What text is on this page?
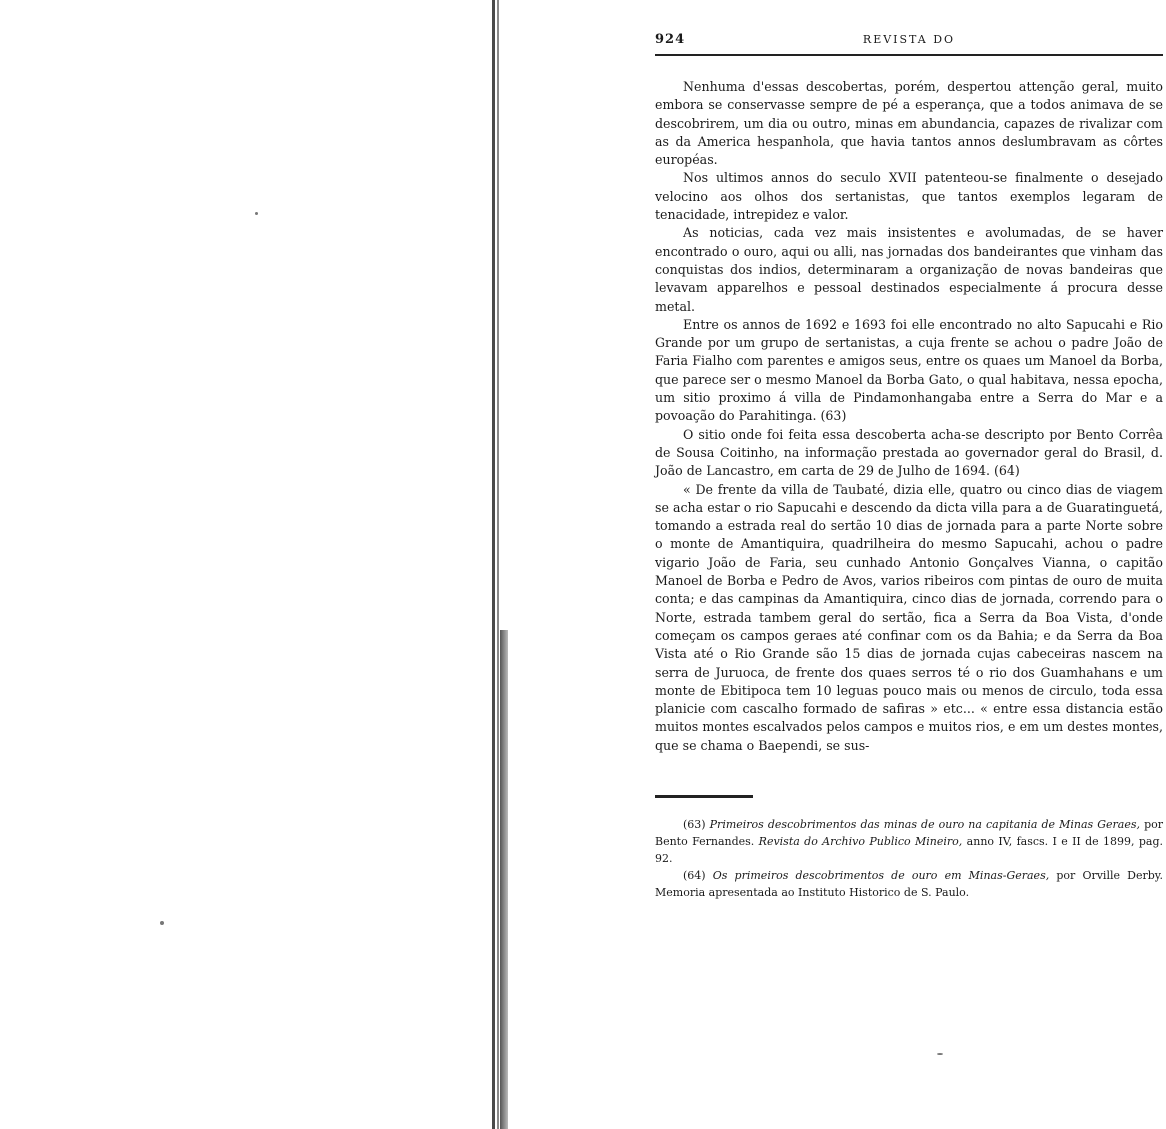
924	REVISTA DO

Nenhuma d'essas descobertas, porém, despertou attenção geral, muito embora se conservasse sempre de pé a esperança, que a todos animava de se descobrirem, um dia ou outro, minas em abundancia, capazes de rivalizar com as da America hespanhola, que havia tantos annos deslumbravam as côrtes européas.

Nos ultimos annos do seculo XVII patenteou-se finalmente o desejado velocino aos olhos dos sertanistas, que tantos exemplos legaram de tenacidade, intrepidez e valor.

As noticias, cada vez mais insistentes e avolumadas, de se haver encontrado o ouro, aqui ou alli, nas jornadas dos bandeirantes que vinham das conquistas dos indios, determinaram a organização de novas bandeiras que levavam apparelhos e pessoal destinados especialmente á procura desse metal.

Entre os annos de 1692 e 1693 foi elle encontrado no alto Sapucahi e Rio Grande por um grupo de sertanistas, a cuja frente se achou o padre João de Faria Fialho com parentes e amigos seus, entre os quaes um Manoel da Borba, que parece ser o mesmo Manoel da Borba Gato, o qual habitava, nessa epocha, um sitio proximo á villa de Pindamonhangaba entre a Serra do Mar e a povoação do Parahitinga. (63)

O sitio onde foi feita essa descoberta acha-se descripto por Bento Corrêa de Sousa Coitinho, na informação prestada ao governador geral do Brasil, d. João de Lancastro, em carta de 29 de Julho de 1694. (64)

« De frente da villa de Taubaté, dizia elle, quatro ou cinco dias de viagem se acha estar o rio Sapucahi e descendo da dicta villa para a de Guaratinguetá, tomando a estrada real do sertão 10 dias de jornada para a parte Norte sobre o monte de Amantiquira, quadrilheira do mesmo Sapucahi, achou o padre vigario João de Faria, seu cunhado Antonio Gonçalves Vianna, o capitão Manoel de Borba e Pedro de Avos, varios ribeiros com pintas de ouro de muita conta; e das campinas da Amantiquira, cinco dias de jornada, correndo para o Norte, estrada tambem geral do sertão, fica a Serra da Boa Vista, d'onde começam os campos geraes até confinar com os da Bahia; e da Serra da Boa Vista até o Rio Grande são 15 dias de jornada cujas cabeceiras nascem na serra de Juruoca, de frente dos quaes serros té o rio dos Guamhahans e um monte de Ebitipoca tem 10 leguas pouco mais ou menos de circulo, toda essa planicie com cascalho formado de safiras » etc... « entre essa distancia estão muitos montes escalvados pelos campos e muitos rios, e em um destes montes, que se chama o Baependi, se sus-

(63) Primeiros descobrimentos das minas de ouro na capitania de Minas Geraes, por Bento Fernandes. Revista do Archivo Publico Mineiro, anno IV, fascs. I e II de 1899, pag. 92.

(64) Os primeiros descobrimentos de ouro em Minas-Geraes, por Orville Derby. Memoria apresentada ao Instituto Historico de S. Paulo.
